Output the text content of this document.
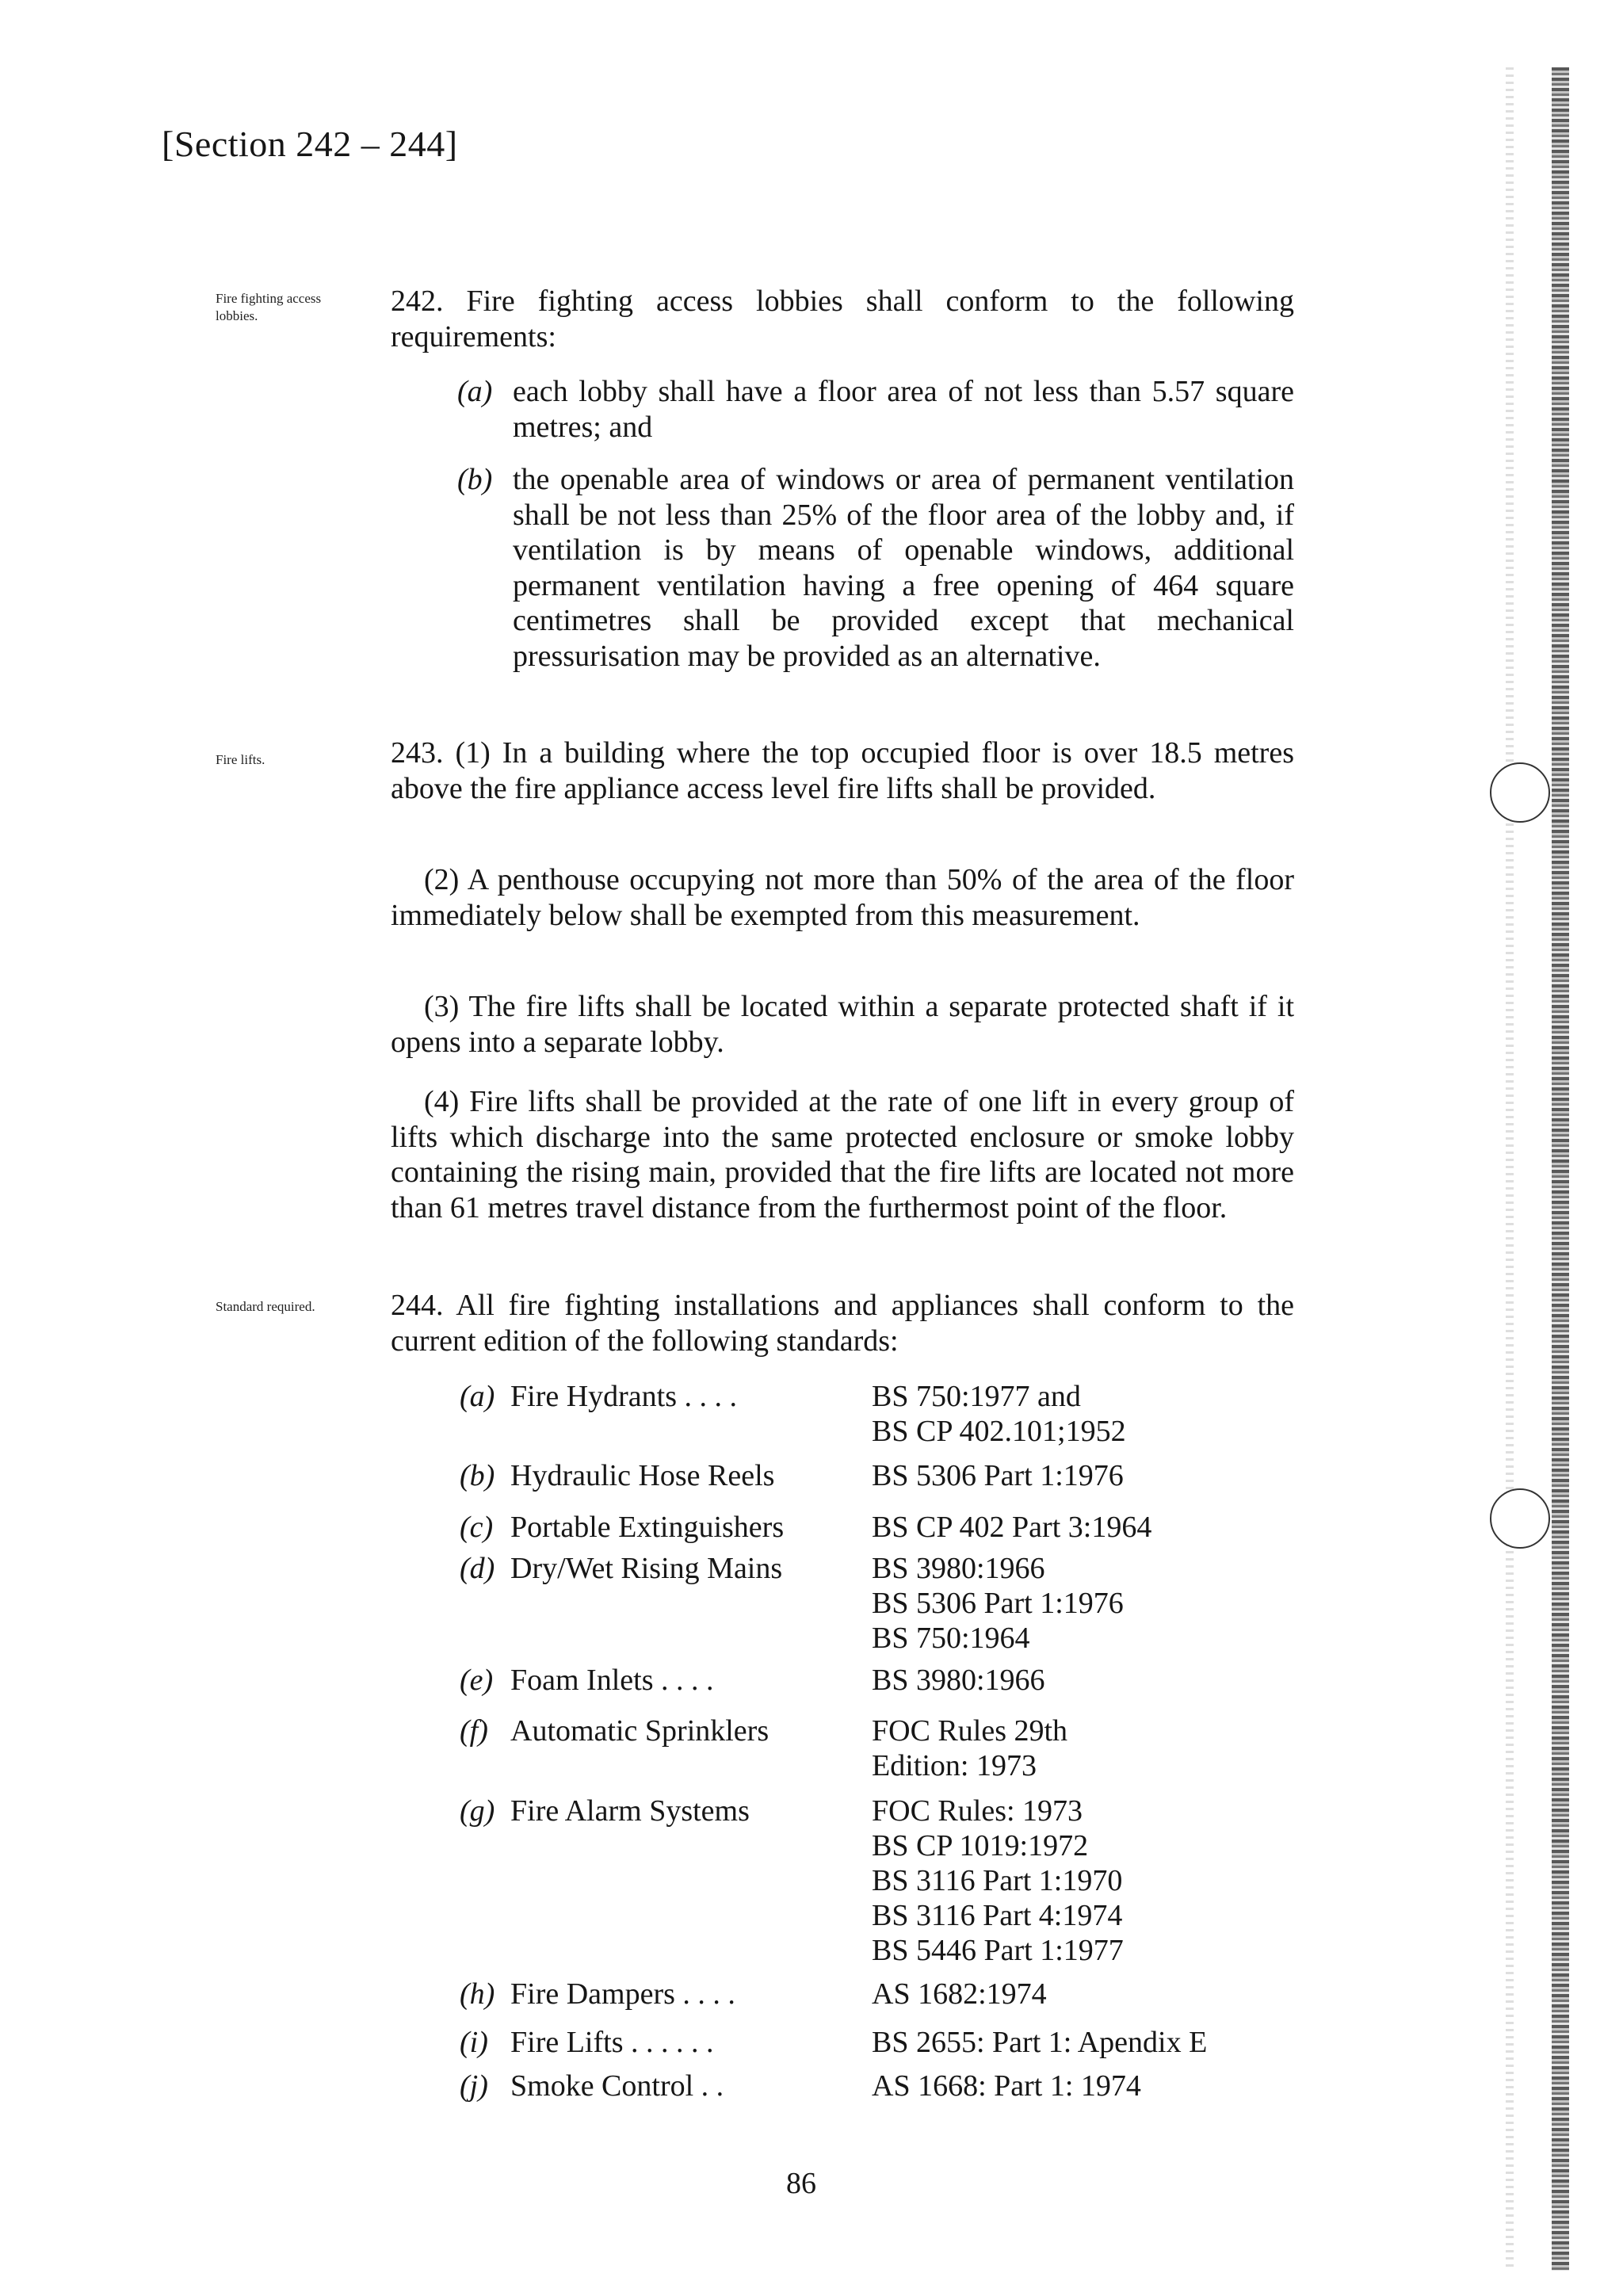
[Section 242 – 244]
Fire fighting access lobbies.
Fire lifts.
Standard required.
242. Fire fighting access lobbies shall conform to the following requirements:
(a) each lobby shall have a floor area of not less than 5.57 square metres; and
(b) the openable area of windows or area of permanent ventilation shall be not less than 25% of the floor area of the lobby and, if ventilation is by means of openable windows, additional permanent ventilation having a free opening of 464 square centimetres shall be provided except that mechanical pressurisation may be provided as an alternative.
243. (1) In a building where the top occupied floor is over 18.5 metres above the fire appliance access level fire lifts shall be provided.
(2) A penthouse occupying not more than 50% of the area of the floor immediately below shall be exempted from this measurement.
(3) The fire lifts shall be located within a separate protected shaft if it opens into a separate lobby.
(4) Fire lifts shall be provided at the rate of one lift in every group of lifts which discharge into the same protected enclosure or smoke lobby containing the rising main, provided that the fire lifts are located not more than 61 metres travel distance from the furthermost point of the floor.
244. All fire fighting installations and appliances shall conform to the current edition of the following standards:
(a) Fire Hydrants . . . .	BS 750:1977 and
BS CP 402.101;1952
(b) Hydraulic Hose Reels	BS 5306 Part 1:1976
(c) Portable Extinguishers	BS CP 402 Part 3:1964
(d) Dry/Wet Rising Mains	BS 3980:1966
BS 5306 Part 1:1976
BS 750:1964
(e) Foam Inlets . . . .	BS 3980:1966
(f) Automatic Sprinklers	FOC Rules 29th
Edition: 1973
(g) Fire Alarm Systems	FOC Rules: 1973
BS CP 1019:1972
BS 3116 Part 1:1970
BS 3116 Part 4:1974
BS 5446 Part 1:1977
(h) Fire Dampers . . . .	AS 1682:1974
(i) Fire Lifts . . . . . .	BS 2655: Part 1: Apendix E
(j) Smoke Control . .	AS 1668: Part 1: 1974
86
